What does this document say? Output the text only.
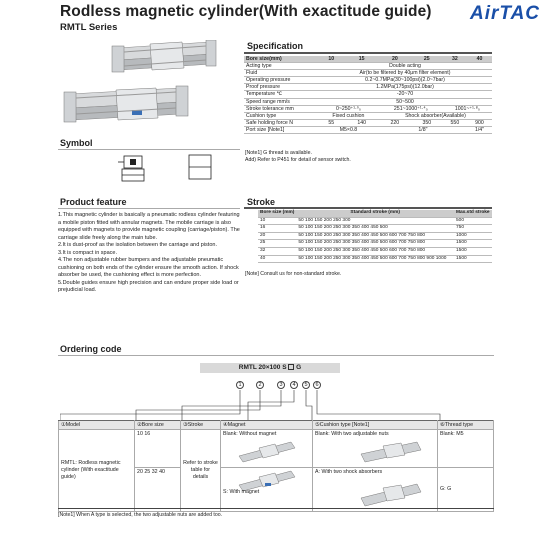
Rodless magnetic cylinder(With exactitude guide)
RMTL Series
AirTAC
Specification
Bore size(mm)	10	15	20	25	32	40
Acting type	Double acting					
Fluid	Air(to be filtered by 40μm filter element)					
Operating pressure	0.2~0.7MPa(30~100psi)(2.0~7bar)					
Proof pressure	1.2MPa(175psi)(12.0bar)					
Temperature ℃	-20~70					
Speed range mm/s	50~500					
Stroke tolerance mm	0~250⁺¹·⁰₀		251~1000⁺¹·⁴₀		1001~⁺¹·⁸₀	
Cushion type	Fixed cushion		Shock absorber(Available)			
Safe holding force N	55	140	220	350	550	900
Port size [Note1]	M5×0.8		1/8"			1/4"
[Note1] G thread is available.
Add) Refer to P451 for detail of sensor switch.
Symbol
Product feature

1.This magnetic cylinder is basically a pneumatic rodless cylinder featuring a mobile piston fitted with annular magnets. The mobile carriage is also equipped with magnets to provide magnetic coupling (carriage/piston). The carriage slide freely along the main tube.

2.It is dust-proof as the isolation between the carriage and piston.

3.It is compact in space.

4.The non adjustable rubber bumpers and the adjustable pneumatic cushioning on both ends of the cylinder ensure the smooth action. If shock absorber be used, the cushioning effect is more perfection.

5.Double guides ensure high precision and can endure proper side load or prejudicial load.

Stroke
Bore size (mm)	Standard stroke (mm)	Max.std stroke
10	50 100 150 200 250 300	500
16	50 100 150 200 250 300 350 400 450 500	750
20	50 100 150 200 250 300 350 400 450 500 600 700 750 800	1000
25	50 100 150 200 250 300 350 400 450 500 600 700 750 800	1500
32	50 100 150 200 250 300 350 400 450 500 600 700 750 800	1500
40	50 100 150 200 250 300 350 400 450 500 600 700 750 800 900 1000	1500
[Note] Consult us for non-standard stroke.
Ordering code
RMTL 20×100 S G
1	2	3	4	5	6
①Model	②Bore size	③Stroke	④Magnet	⑤Cushion type [Note1]	⑥Thread type
RMTL: Rodless magnetic cylinder (With exactitude guide)	10 16	Refer to stroke table for details	Blank: Without magnet	Blank: With two adjustable nuts	Blank: M5
	20 25 32 40		S: With magnet	A: With two shock absorbers	G: G
[Note1] When A type is selected, the two adjustable nuts are added too.
